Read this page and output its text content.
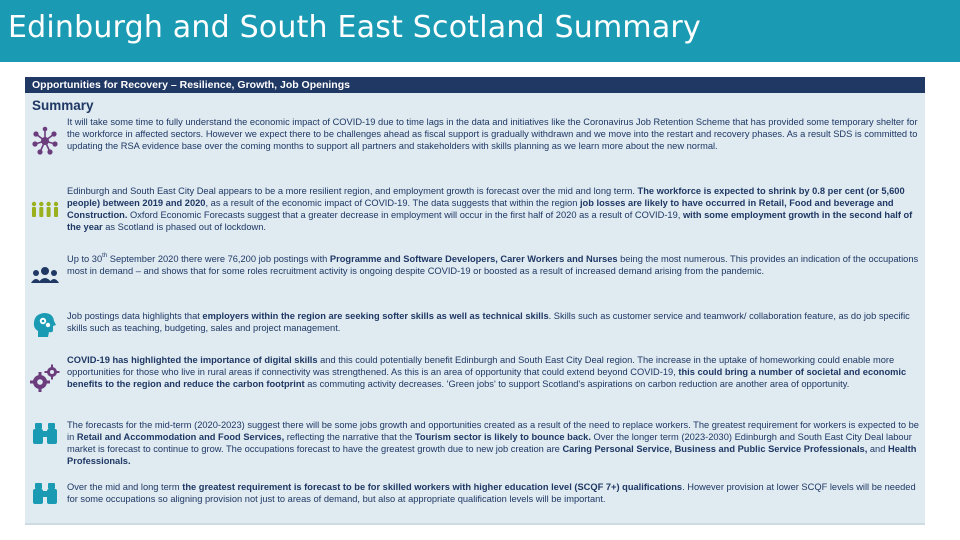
Edinburgh and South East Scotland Summary
Opportunities for Recovery – Resilience, Growth, Job Openings
Summary
It will take some time to fully understand the economic impact of COVID-19 due to time lags in the data and initiatives like the Coronavirus Job Retention Scheme that has provided some temporary shelter for the workforce in affected sectors. However we expect there to be challenges ahead as fiscal support is gradually withdrawn and we move into the restart and recovery phases. As a result SDS is committed to updating the RSA evidence base over the coming months to support all partners and stakeholders with skills planning as we learn more about the new normal.
Edinburgh and South East City Deal appears to be a more resilient region, and employment growth is forecast over the mid and long term. The workforce is expected to shrink by 0.8 per cent (or 5,600 people) between 2019 and 2020, as a result of the economic impact of COVID-19. The data suggests that within the region job losses are likely to have occurred in Retail, Food and beverage and Construction. Oxford Economic Forecasts suggest that a greater decrease in employment will occur in the first half of 2020 as a result of COVID-19, with some employment growth in the second half of the year as Scotland is phased out of lockdown.
Up to 30th September 2020 there were 76,200 job postings with Programme and Software Developers, Carer Workers and Nurses being the most numerous. This provides an indication of the occupations most in demand – and shows that for some roles recruitment activity is ongoing despite COVID-19 or boosted as a result of increased demand arising from the pandemic.
Job postings data highlights that employers within the region are seeking softer skills as well as technical skills. Skills such as customer service and teamwork/ collaboration feature, as do job specific skills such as teaching, budgeting, sales and project management.
COVID-19 has highlighted the importance of digital skills and this could potentially benefit Edinburgh and South East City Deal region. The increase in the uptake of homeworking could enable more opportunities for those who live in rural areas if connectivity was strengthened. As this is an area of opportunity that could extend beyond COVID-19, this could bring a number of societal and economic benefits to the region and reduce the carbon footprint as commuting activity decreases. 'Green jobs' to support Scotland's aspirations on carbon reduction are another area of opportunity.
The forecasts for the mid-term (2020-2023) suggest there will be some jobs growth and opportunities created as a result of the need to replace workers. The greatest requirement for workers is expected to be in Retail and Accommodation and Food Services, reflecting the narrative that the Tourism sector is likely to bounce back. Over the longer term (2023-2030) Edinburgh and South East City Deal labour market is forecast to continue to grow. The occupations forecast to have the greatest growth due to new job creation are Caring Personal Service, Business and Public Service Professionals, and Health Professionals.
Over the mid and long term the greatest requirement is forecast to be for skilled workers with higher education level (SCQF 7+) qualifications. However provision at lower SCQF levels will be needed for some occupations so aligning provision not just to areas of demand, but also at appropriate qualification levels will be important.
